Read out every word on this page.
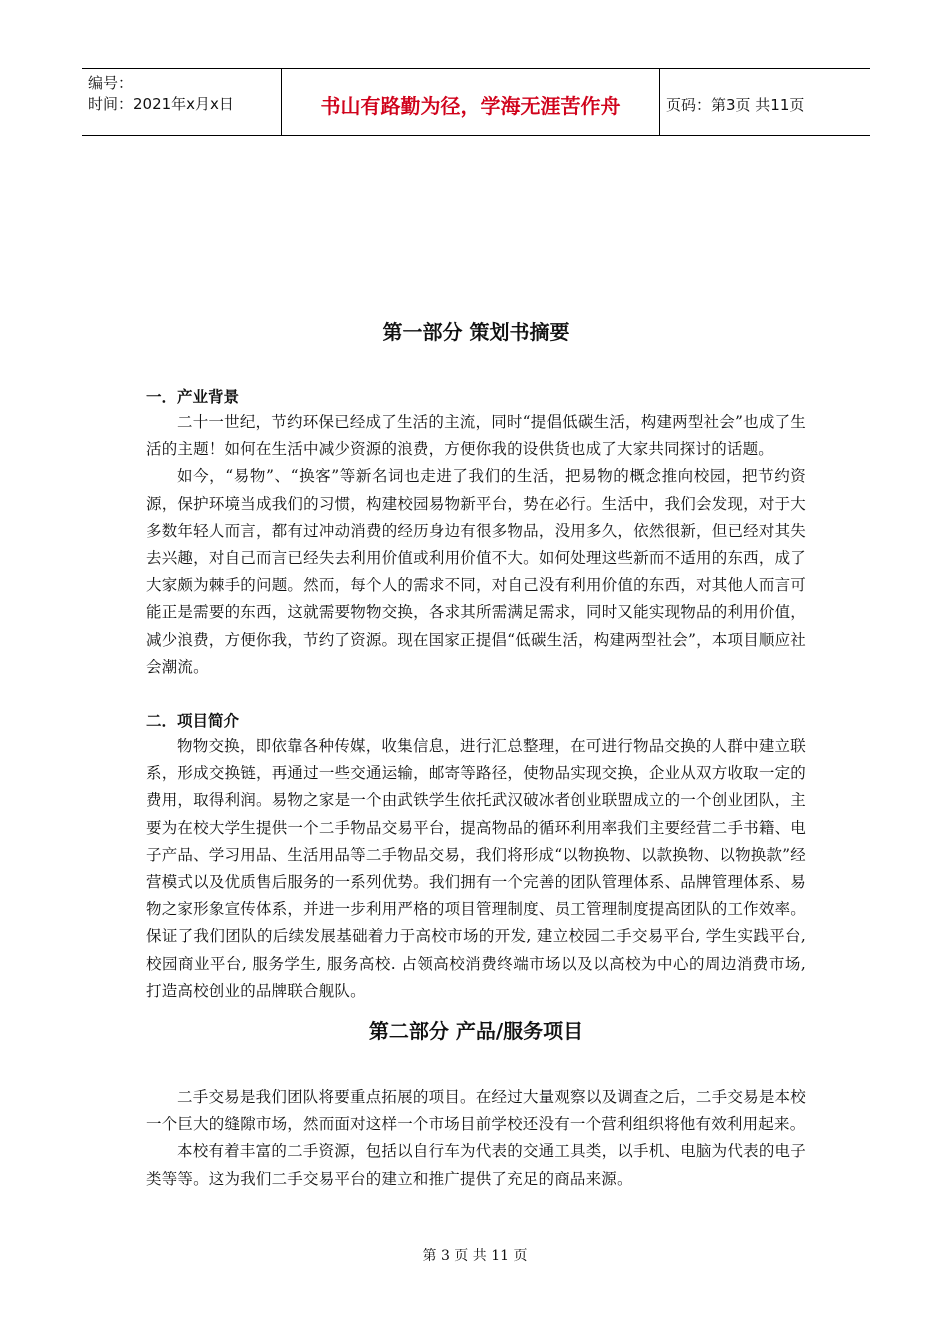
编号：
时间：2021年x月x日	书山有路勤为径，学海无涯苦作舟	页码：第3页 共11页
第一部分 策划书摘要
一．产业背景

二十一世纪，节约环保已经成了生活的主流，同时“提倡低碳生活，构建两型社会”也成了生活的主题！如何在生活中减少资源的浪费，方便你我的设供货也成了大家共同探讨的话题。

如今，“易物”、“换客”等新名词也走进了我们的生活，把易物的概念推向校园，把节约资源，保护环境当成我们的习惯，构建校园易物新平台，势在必行。生活中，我们会发现，对于大多数年轻人而言，都有过冲动消费的经历身边有很多物品，没用多久，依然很新，但已经对其失去兴趣，对自己而言已经失去利用价值或利用价值不大。如何处理这些新而不适用的东西，成了大家颇为棘手的问题。然而，每个人的需求不同，对自己没有利用价值的东西，对其他人而言可能正是需要的东西，这就需要物物交换，各求其所需满足需求，同时又能实现物品的利用价值，减少浪费，方便你我，节约了资源。现在国家正提倡“低碳生活，构建两型社会”，本项目顺应社会潮流。

二．项目简介

物物交换，即依靠各种传媒，收集信息，进行汇总整理，在可进行物品交换的人群中建立联系，形成交换链，再通过一些交通运输，邮寄等路径，使物品实现交换，企业从双方收取一定的费用，取得利润。易物之家是一个由武铁学生依托武汉破冰者创业联盟成立的一个创业团队，主要为在校大学生提供一个二手物品交易平台，提高物品的循环利用率我们主要经营二手书籍、电子产品、学习用品、生活用品等二手物品交易，我们将形成“以物换物、以款换物、以物换款”经营模式以及优质售后服务的一系列优势。我们拥有一个完善的团队管理体系、品牌管理体系、易物之家形象宣传体系，并进一步利用严格的项目管理制度、员工管理制度提高团队的工作效率。保证了我们团队的后续发展基础着力于高校市场的开发, 建立校园二手交易平台, 学生实践平台, 校园商业平台, 服务学生, 服务高校. 占领高校消费终端市场以及以高校为中心的周边消费市场, 打造高校创业的品牌联合舰队。

第二部分 产品/服务项目

二手交易是我们团队将要重点拓展的项目。在经过大量观察以及调查之后，二手交易是本校一个巨大的缝隙市场，然而面对这样一个市场目前学校还没有一个营利组织将他有效利用起来。

本校有着丰富的二手资源，包括以自行车为代表的交通工具类，以手机、电脑为代表的电子类等等。这为我们二手交易平台的建立和推广提供了充足的商品来源。

第 3 页 共 11 页
